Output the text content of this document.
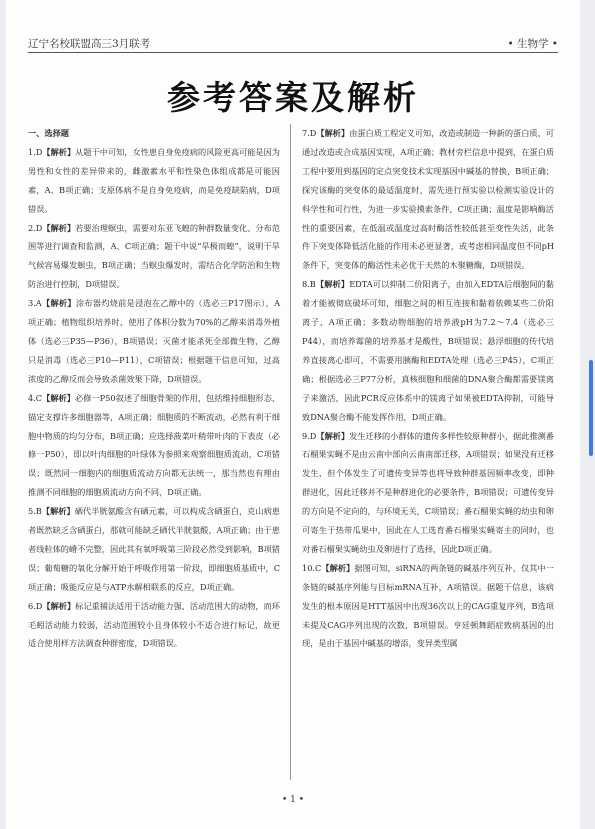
辽宁名校联盟高三3月联考	• 生物学 •
参考答案及解析

一、选择题

1.D【解析】从题干中可知，女性患自身免疫病的风险更高可能是因为男性和女性的差异带来的，雌激素水平和性染色体组成都是可能因素，A、B项正确；支原体病不是自身免疫病，而是免疫缺陷病，D项错误。

2.D【解析】若要治理螟虫，需要对东亚飞蝗的种群数量变化、分布范围等进行调查和监测，A、C项正确；题干中说“旱极而蝗”，说明干旱气候容易爆发螟虫，B项正确；当螟虫爆发时，需结合化学防治和生物防治进行控制，D项错误。

3.A【解析】涂布器灼烧前是浸泡在乙醇中的（选必三P17图示），A项正确；植物组织培养时，使用了体积分数为70%的乙醇来消毒外植体（选必三P35—P36），B项错误；灭菌才能杀死全部微生物，乙醇只是消毒（选必三P10—P11），C项错误；根据题干信息可知，过高浓度的乙醇反而会导致杀菌效果下降，D项错误。

4.C【解析】必修一P50叙述了细胞骨架的作用，包括维持细胞形态、锚定支撑许多细胞器等，A项正确；细胞质的不断流动，必然有利于细胞中物质的均匀分布，B项正确；应选择菠菜叶稍带叶肉的下表皮（必修一P50），即以叶肉细胞的叶绿体为参照来观察细胞质流动，C项错误；既然同一细胞内的细胞质流动方向都无法统一，那当然也有理由推测不同细胞的细胞质流动方向不同，D项正确。

5.B【解析】硒代半胱氨酸含有硒元素，可以构成含硒蛋白，克山病患者既然缺乏含硒蛋白，那就可能缺乏硒代半胱氨酸，A项正确；由于患者线粒体的嵴不完整，因此其有氧呼吸第三阶段必然受到影响，B项错误；葡萄糖的氧化分解开始于呼吸作用第一阶段，即细胞质基质中，C项正确；吸能反应是与ATP水解相联系的反应，D项正确。

6.D【解析】标记重捕法适用于活动能力强、活动范围大的动物，而环毛蚓活动能力较弱，活动范围较小且身体较小不适合进行标记，故更适合使用样方法调查种群密度，D项错误。

7.D【解析】由蛋白质工程定义可知，改造或制造一种新的蛋白质，可通过改造或合成基因实现，A项正确；教材旁栏信息中提到，在蛋白质工程中要用到基因的定点突变技术实现基因中碱基的替换，B项正确；探究该酶的突变体的最适温度时，需先进行预实验以检测实验设计的科学性和可行性，为进一步实验摸索条件，C项正确；温度是影响酶活性的重要因素，在低温或温度过高时酶活性较低甚至变性失活，此条件下突变体降低活化能的作用未必更显著，或考虑相同温度但不同pH条件下，突变体的酶活性未必优于天然的木聚糖酶，D项错误。

8.B【解析】EDTA可以抑制二价阳离子，由加入EDTA后细胞间的黏着才能被彻底破坏可知，细胞之间的相互连接和黏着依赖某些二价阳离子，A项正确；多数动物细胞的培养液pH为7.2～7.4（选必三P44），而培养霉菌的培养基才是酸性，B项错误；悬浮细胞的传代培养直接离心即可，不需要用胰酶和EDTA处理（选必三P45），C项正确；根据选必三P77分析，真核细胞和细菌的DNA聚合酶都需要镁离子来激活，因此PCR反应体系中的镁离子如果被EDTA抑制，可能导致DNA聚合酶不能发挥作用，D项正确。

9.D【解析】发生迁移的小群体的遗传多样性较原种群小，据此推测番石榴果实蝇不是由云南中部向云南南部迁移，A项错误；如果没有迁移发生，但个体发生了可遗传变异等也将导致种群基因频率改变，即种群进化，因此迁移并不是种群进化的必要条件，B项错误；可遗传变异的方向是不定向的，与环境无关，C项错误；番石榴果实蝇的幼虫和卵可寄生于热带瓜果中，因此在人工选育番石榴果实蝇寄主的同时，也对番石榴果实蝇幼虫及卵进行了选择，因此D项正确。

10.C【解析】据图可知，siRNA的两条链的碱基序列互补，仅其中一条链的碱基序列能与目标mRNA互补，A项错误。据题干信息，该病发生的根本原因是HTT基因中出现36次以上的CAG重复序列，B选项未提及CAG序列出现的次数，B项错误。亨廷顿舞蹈症致病基因的出现，是由于基因中碱基的增添，变异类型属

• 1 •
